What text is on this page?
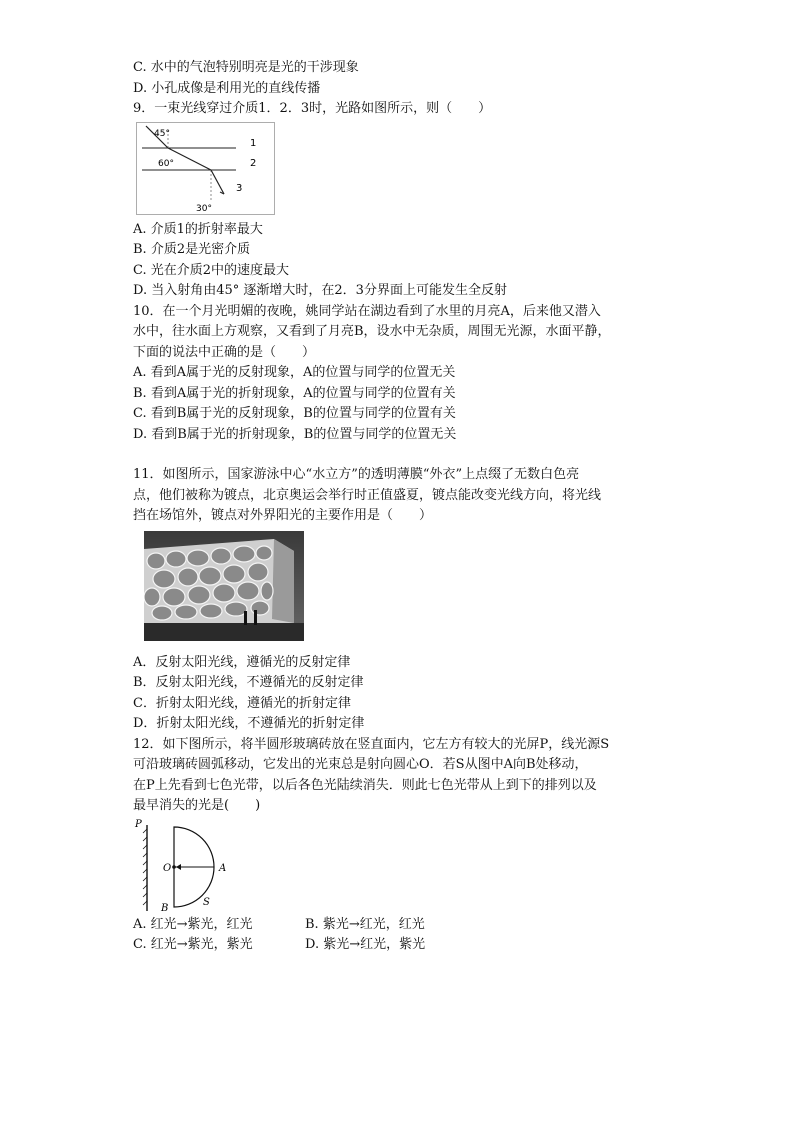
C. 水中的气泡特别明亮是光的干涉现象
D. 小孔成像是利用光的直线传播
9．一束光线穿过介质1．2．3时，光路如图所示，则（　　）
45°
60°
30°
1
2
3
A. 介质1的折射率最大
B. 介质2是光密介质
C. 光在介质2中的速度最大
D. 当入射角由45° 逐渐增大时，在2．3分界面上可能发生全反射
10．在一个月光明媚的夜晚，姚同学站在湖边看到了水里的月亮A，后来他又潜入
水中，往水面上方观察，又看到了月亮B，设水中无杂质，周围无光源，水面平静，
下面的说法中正确的是（　　）
A. 看到A属于光的反射现象，A的位置与同学的位置无关
B. 看到A属于光的折射现象，A的位置与同学的位置有关
C. 看到B属于光的反射现象，B的位置与同学的位置有关
D. 看到B属于光的折射现象，B的位置与同学的位置无关
11．如图所示，国家游泳中心“水立方”的透明薄膜“外衣”上点缀了无数白色亮
点，他们被称为镀点，北京奥运会举行时正值盛夏，镀点能改变光线方向，将光线
挡在场馆外，镀点对外界阳光的主要作用是（　　）
A．反射太阳光线，遵循光的反射定律
B．反射太阳光线，不遵循光的反射定律
C．折射太阳光线，遵循光的折射定律
D．折射太阳光线，不遵循光的折射定律
12．如下图所示，将半圆形玻璃砖放在竖直面内，它左方有较大的光屏P，线光源S
可沿玻璃砖圆弧移动，它发出的光束总是射向圆心O．若S从图中A向B处移动，
在P上先看到七色光带，以后各色光陆续消失．则此七色光带从上到下的排列以及
最早消失的光是(　　)
P
O	A
B
S
A. 红光→紫光，红光	B. 紫光→红光，红光
C. 红光→紫光，紫光	D. 紫光→红光，紫光
